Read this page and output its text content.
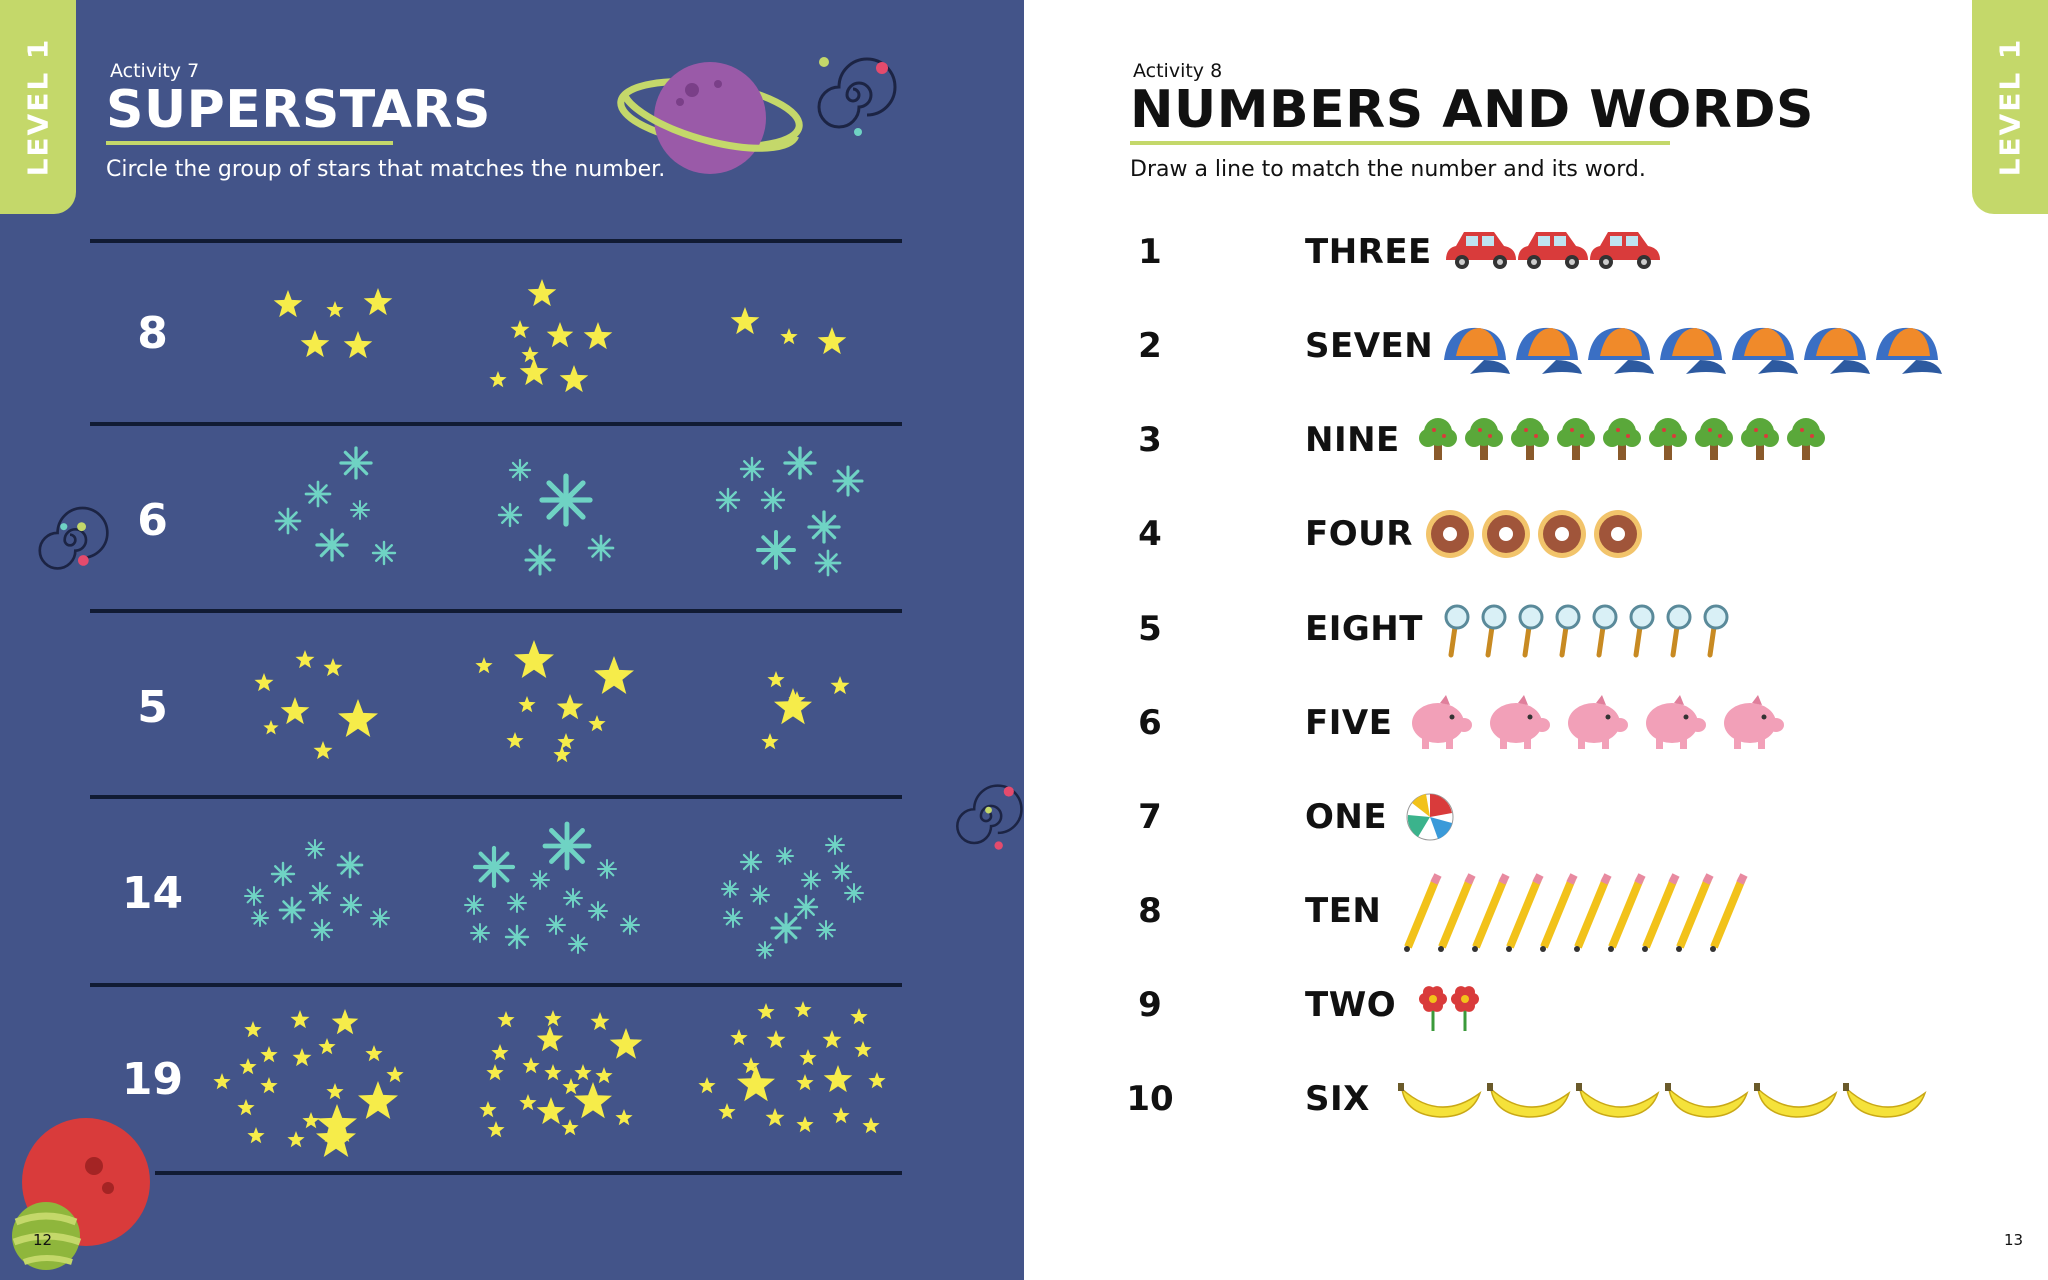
LEVEL 1	Activity 7
SUPERSTARS
Circle the group of stars that matches the number.
12
8
6
5
14
19
LEVEL 1
Activity 8
NUMBERS AND WORDS
Draw a line to match the number and its word.
13
1	THREE
2	SEVEN
3	NINE
4	FOUR
5	EIGHT
6	FIVE
7	ONE
8	TEN
9	TWO
10	SIX
